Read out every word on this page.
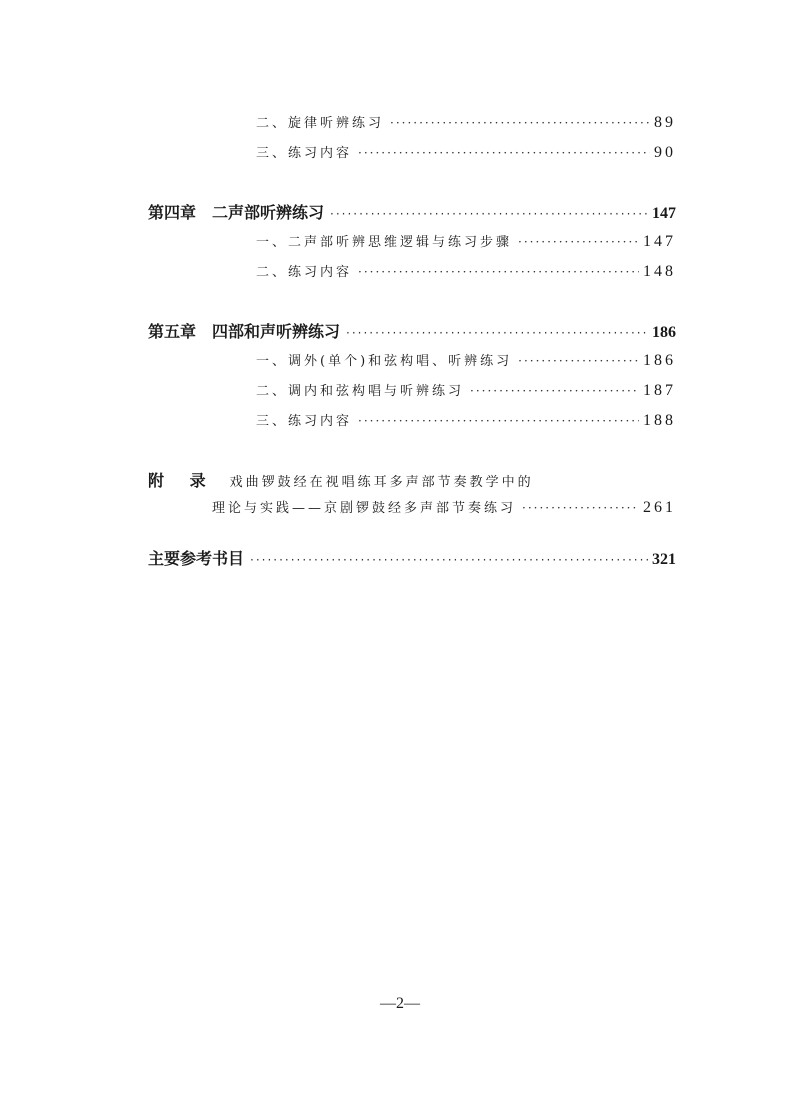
二、旋律听辨练习 ·····	89
三、练习内容 ·····	90
第四章 二声部听辨练习 ·····	147
一、二声部听辨思维逻辑与练习步骤 ·····	147
二、练习内容 ·····	148
第五章 四部和声听辨练习 ·····	186
一、调外(单个)和弦构唱、听辨练习 ·····	186
二、调内和弦构唱与听辨练习 ·····	187
三、练习内容 ·····	188
附 录 戏曲锣鼓经在视唱练耳多声部节奏教学中的
理论与实践——京剧锣鼓经多声部节奏练习 ·····	261
主要参考书目 ·····	321
—2—
